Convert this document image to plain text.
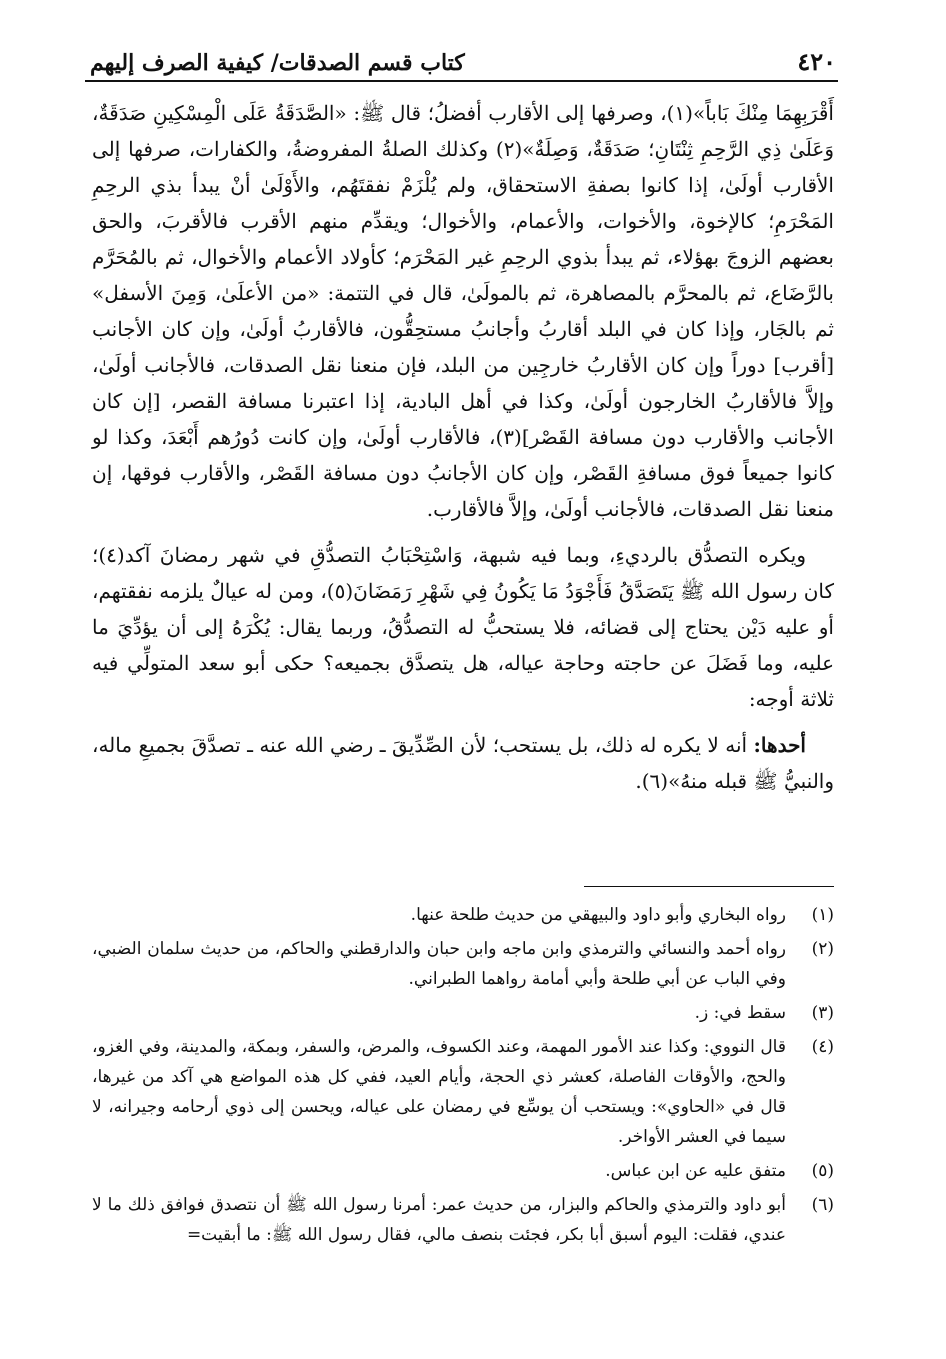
٤٢٠
كتاب قسم الصدقات/ كيفية الصرف إليهم

أَقْرَبِهِمَا مِنْكَ بَاباً»(١)، وصرفها إلى الأقارب أفضلُ؛ قال ﷺ: «الصَّدَقَةُ عَلَى الْمِسْكِينِ صَدَقَةٌ، وَعَلَىٰ ذِي الرَّحِمِ ثِنْتَانِ؛ صَدَقَةٌ، وَصِلَةٌ»(٢) وكذلك الصلةُ المفروضةُ، والكفارات، صرفها إلى الأقارب أولَىٰ، إذا كانوا بصفةِ الاستحقاق، ولم يُلْزَمْ نفقتَهُم، والأَوْلَىٰ أنْ يبدأ بذي الرحِمِ المَحْرَمِ؛ كالإخوة، والأخوات، والأعمام، والأخوال؛ ويقدِّم منهم الأقرب فالأقربَ، والحق بعضهم الزوجَ بهؤلاء، ثم يبدأ بذوي الرحِمِ غير المَحْرَم؛ كأولاد الأعمام والأخوال، ثم بالمُحَرَّم بالرَّضَاع، ثم بالمحرَّم بالمصاهرة، ثم بالمولَىٰ، قال في التتمة: «من الأعلَىٰ، وَمِنَ الأسفل» ثم بالجَار، وإذا كان في البلد أقاربُ وأجانبُ مستحِقُّون، فالأقاربُ أولَىٰ، وإن كان الأجانب [أقرب] دوراً وإن كان الأقاربُ خارجِين من البلد، فإن منعنا نقل الصدقات، فالأجانب أولَىٰ، وإلاَّ فالأقاربُ الخارجون أولَىٰ، وكذا في أهل البادية، إذا اعتبرنا مسافة القصر، [إن كان الأجانب والأقارب دون مسافة القَصْر](٣)، فالأقارب أولَىٰ، وإن كانت دُورُهم أَبْعَدَ، وكذا لو كانوا جميعاً فوق مسافةِ القَصْر، وإن كان الأجانبُ دون مسافة القَصْر، والأقارب فوقها، إن منعنا نقل الصدقات، فالأجانب أولَىٰ، وإلاَّ فالأقارب.

ويكره التصدُّق بالرديءِ، وبما فيه شبهة، وَاسْتِحْبَابُ التصدُّقِ في شهر رمضانَ آكد(٤)؛ كان رسول الله ﷺ يَتَصَدَّقُ فَأَجْوَدُ مَا يَكُونُ فِي شَهْرِ رَمَضَانَ(٥)، ومن له عيالٌ يلزمه نفقتهم، أو عليه دَيْن يحتاج إلى قضائه، فلا يستحبُّ له التصدُّقُ، وربما يقال: يُكْرَهُ إلى أن يؤدِّيَ ما عليه، وما فَضَلَ عن حاجته وحاجة عياله، هل يتصدَّق بجميعه؟ حكى أبو سعد المتولِّي فيه ثلاثة أوجه:

أحدها: أنه لا يكره له ذلك، بل يستحب؛ لأن الصِّدِّيقَ ـ رضي الله عنه ـ تصدَّقَ بجميعِ ماله، والنبيُّ ﷺ قبله منهُ»(٦).

(١)
رواه البخاري وأبو داود والبيهقي من حديث طلحة عنها.
(٢)
رواه أحمد والنسائي والترمذي وابن ماجه وابن حبان والدارقطني والحاكم، من حديث سلمان الضبي، وفي الباب عن أبي طلحة وأبي أمامة رواهما الطبراني.
(٣)
سقط في: ز.
(٤)
قال النووي: وكذا عند الأمور المهمة، وعند الكسوف، والمرض، والسفر، وبمكة، والمدينة، وفي الغزو، والحج، والأوقات الفاصلة، كعشر ذي الحجة، وأيام العيد، ففي كل هذه المواضع هي آكد من غيرها، قال في «الحاوي»: ويستحب أن يوسِّع في رمضان على عياله، ويحسن إلى ذوي أرحامه وجيرانه، لا سيما في العشر الأواخر.
(٥)
متفق عليه عن ابن عباس.
(٦)
أبو داود والترمذي والحاكم والبزار، من حديث عمر: أمرنا رسول الله ﷺ أن نتصدق فوافق ذلك ما لا عندي، فقلت: اليوم أسبق أبا بكر، فجئت بنصف مالي، فقال رسول الله ﷺ: ما أبقيت=
